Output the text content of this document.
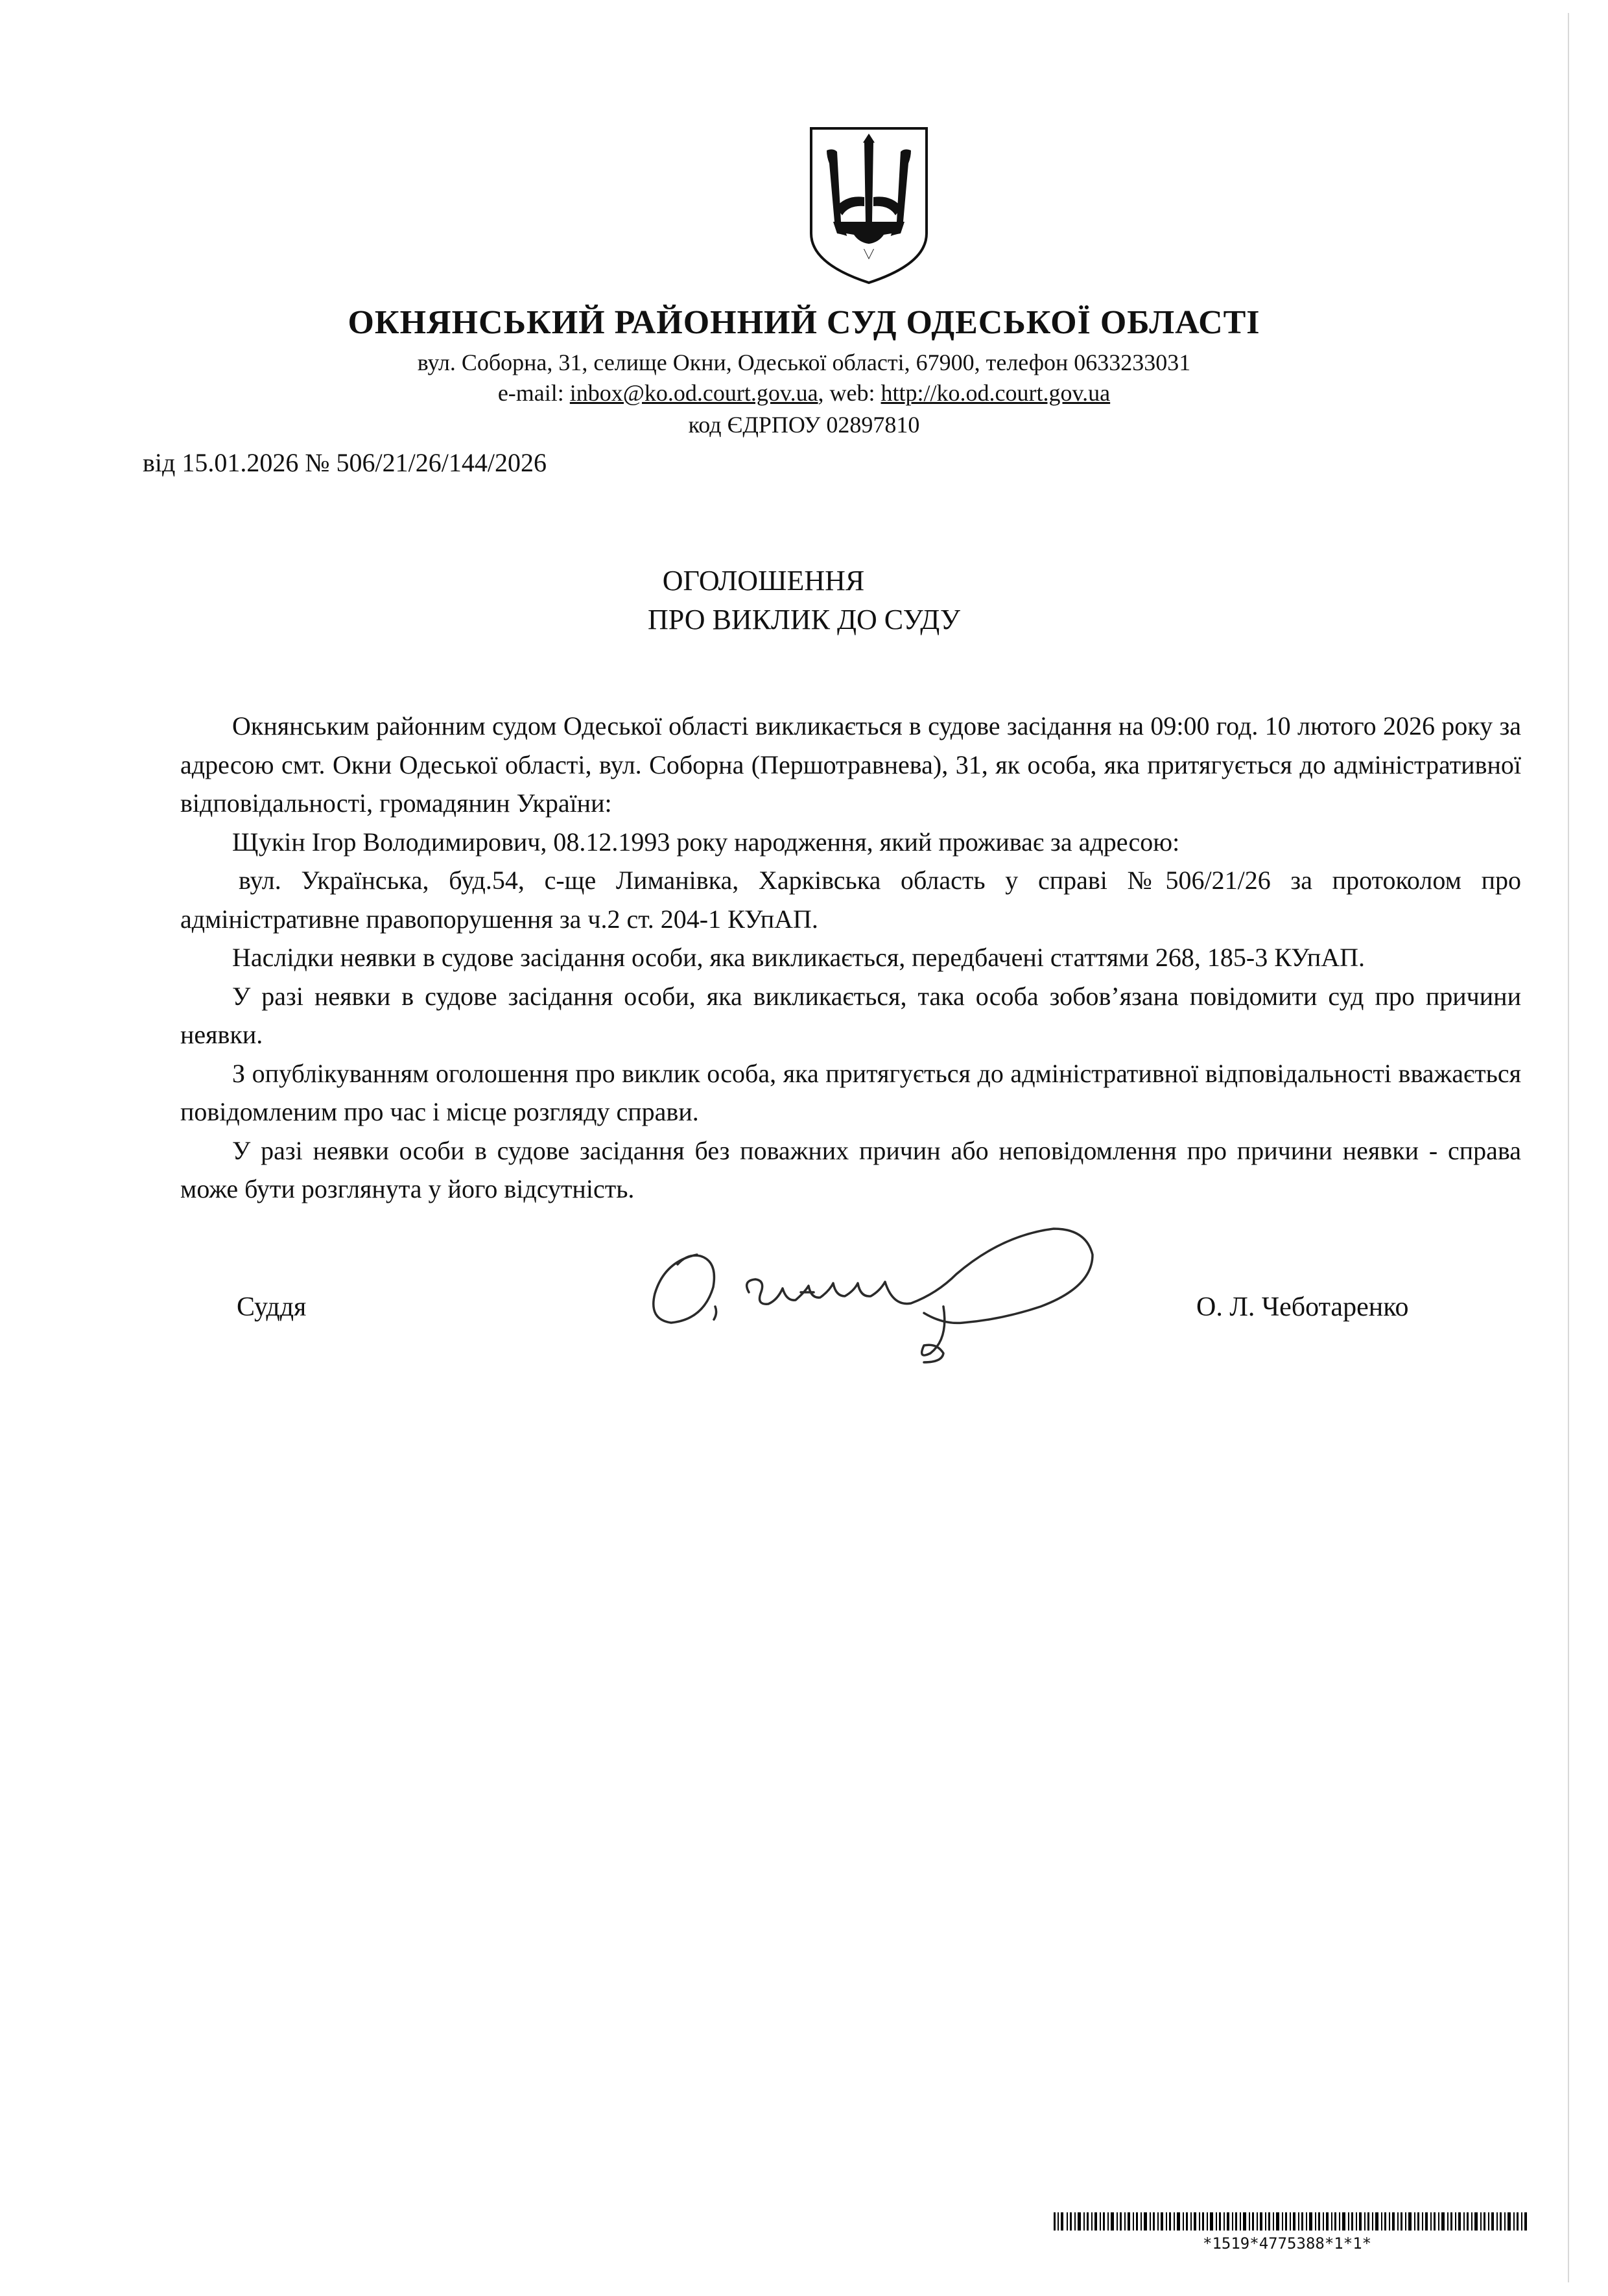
ОКНЯНСЬКИЙ РАЙОННИЙ СУД ОДЕСЬКОЇ ОБЛАСТІ
вул. Соборна, 31, селище Окни, Одеської області, 67900, телефон 0633233031
e-mail: inbox@ko.od.court.gov.ua, web: http://ko.od.court.gov.ua
код ЄДРПОУ 02897810
від 15.01.2026 № 506/21/26/144/2026
ОГОЛОШЕННЯ
ПРО ВИКЛИК ДО СУДУ

Окнянським районним судом Одеської області викликається в судове засідання на 09:00 год. 10 лютого 2026 року за адресою смт. Окни Одеської області, вул. Соборна (Першотравнева), 31, як особа, яка притягується до адміністративної відповідальності, громадянин України:

Щукін Ігор Володимирович, 08.12.1993 року народження, який проживає за адресою:

вул. Українська, буд.54, с-ще Лиманівка, Харківська область у справі №506/21/26 за протоколом про адміністративне правопорушення за ч.2 ст. 204-1 КУпАП.

Наслідки неявки в судове засідання особи, яка викликається, передбачені статтями 268, 185-3 КУпАП.

У разі неявки в судове засідання особи, яка викликається, така особа зобов’язана повідомити суд про причини неявки.

З опублікуванням оголошення про виклик особа, яка притягується до адміністративної відповідальності вважається повідомленим про час і місце розгляду справи.

У разі неявки особи в судове засідання без поважних причин або неповідомлення про причини неявки - справа може бути розглянута у його відсутність.

Суддя	О. Л. Чеботаренко
*1519*4775388*1*1*
